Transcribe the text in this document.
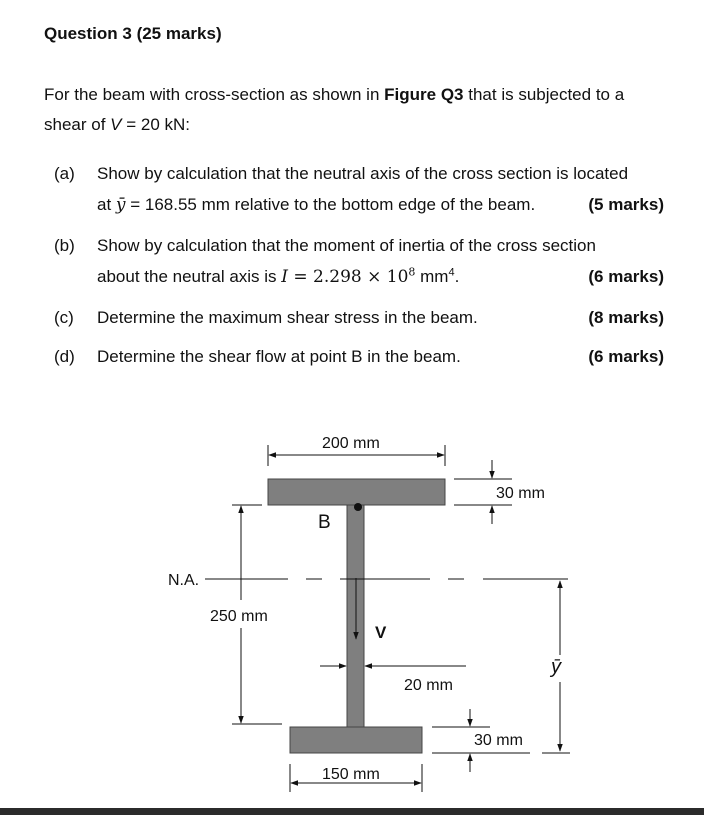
Question 3 (25 marks)
For the beam with cross-section as shown in Figure Q3 that is subjected to a
shear of V = 20 kN:
(a) Show by calculation that the neutral axis of the cross section is located
at ȳ = 168.55 mm relative to the bottom edge of the beam.	(5 marks)
(b) Show by calculation that the moment of inertia of the cross section
about the neutral axis is $I = 2.298 \times 10^8$ $mm^4$.	(6 marks)
(c) Determine the maximum shear stress in the beam.	(8 marks)
(d) Determine the shear flow at point B in the beam.	(6 marks)
B
200 mm
30 mm
N.A.
250 mm
V
20 mm
ȳ
30 mm
150 mm
